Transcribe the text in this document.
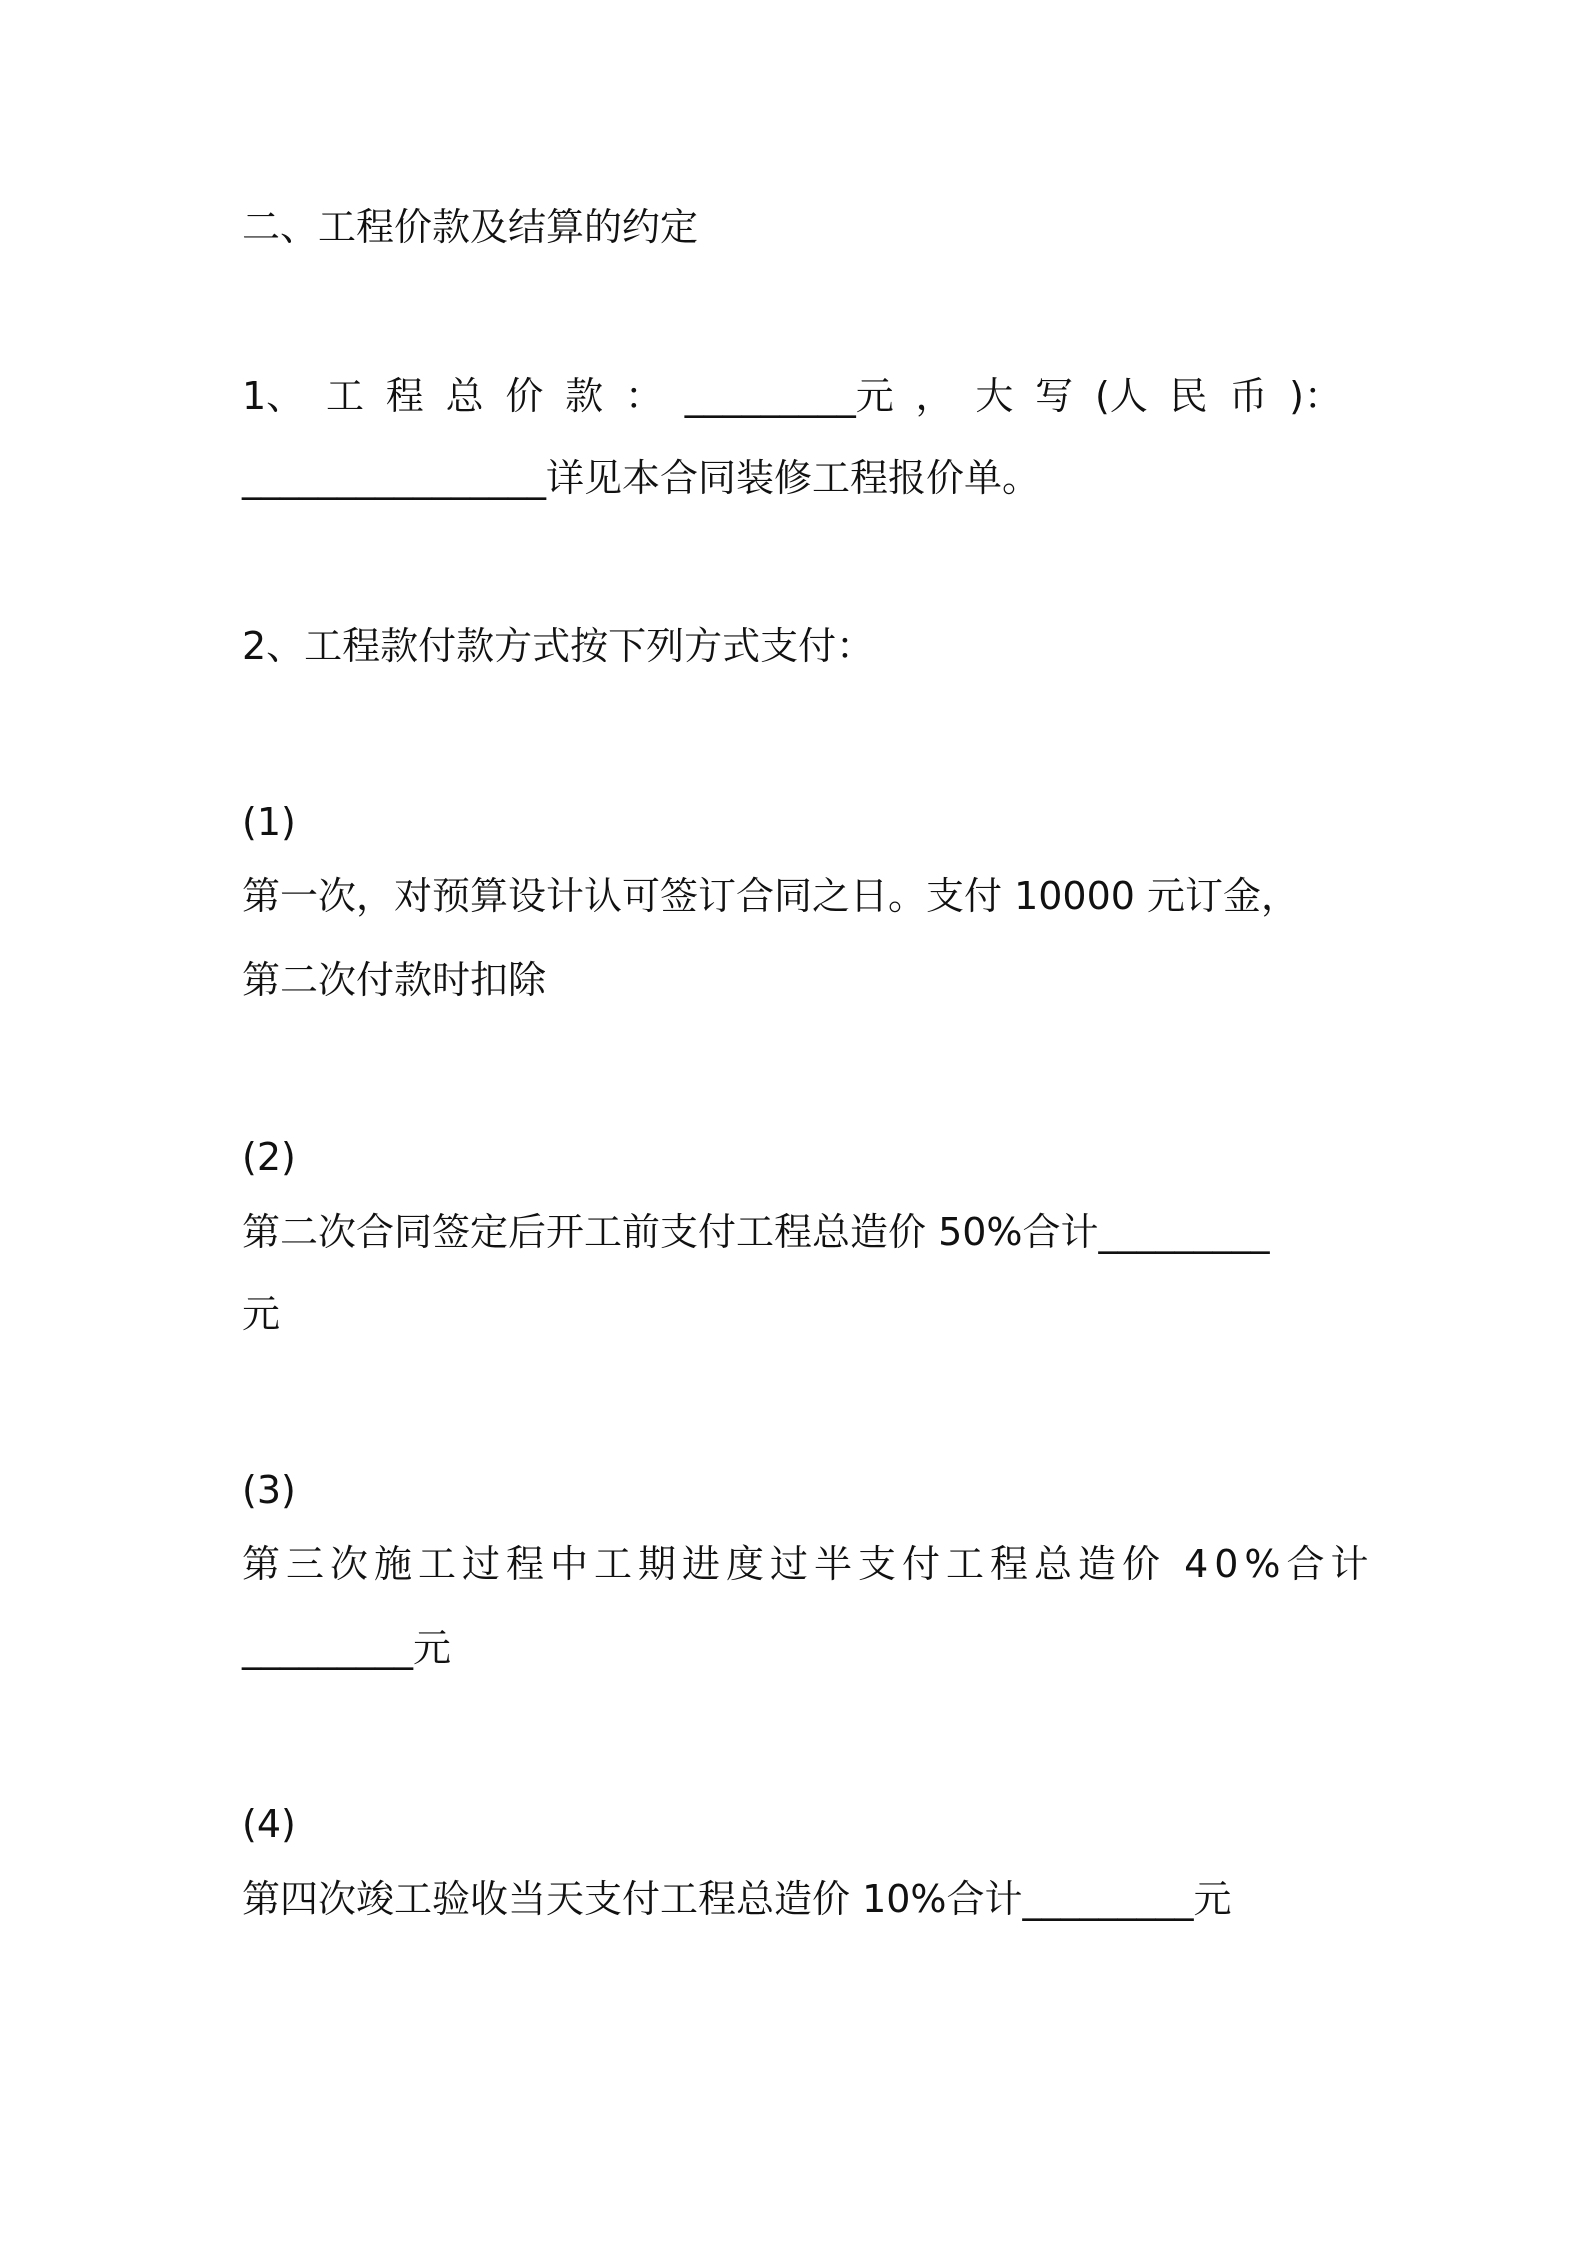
二、工程价款及结算的约定

1、 工 程 总 价 款 ： _________元 ， 大 写 (人 民 币 )：

________________详见本合同装修工程报价单。

2、工程款付款方式按下列方式支付：

(1)

第一次，对预算设计认可签订合同之日。支付 10000 元订金，

第二次付款时扣除

(2)

第二次合同签定后开工前支付工程总造价 50%合计_________

元

(3)

第三次施工过程中工期进度过半支付工程总造价 40%合计

_________元

(4)

第四次竣工验收当天支付工程总造价 10%合计_________元
